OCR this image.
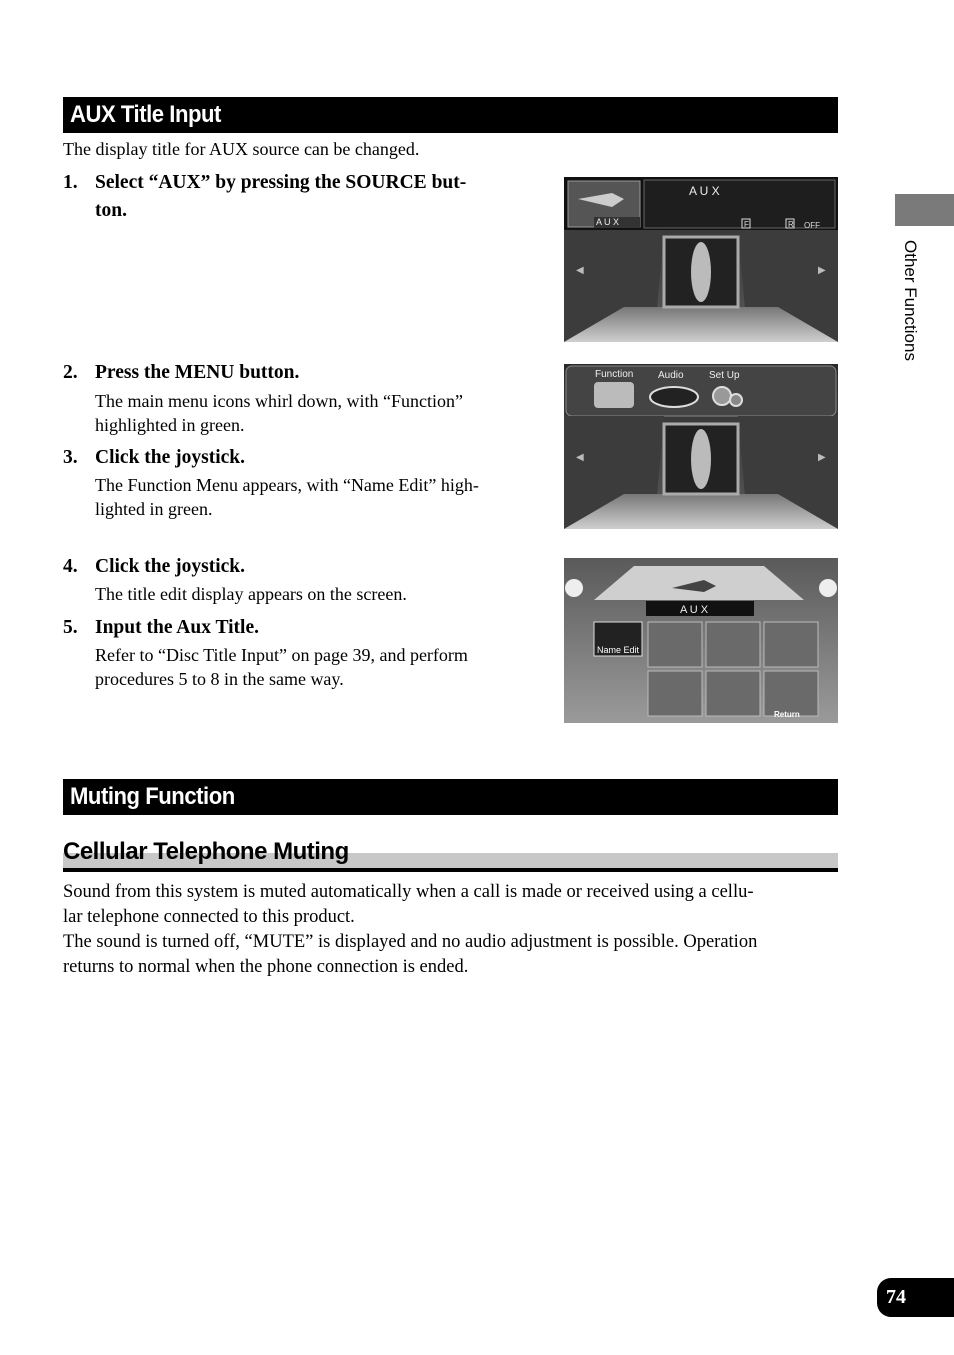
AUX Title Input
The display title for AUX source can be changed.
1. Select “AUX” by pressing the SOURCE but-
ton.
2. Press the MENU button.
The main menu icons whirl down, with “Function”
highlighted in green.
3. Click the joystick.
The Function Menu appears, with “Name Edit” high-
lighted in green.
4. Click the joystick.
The title edit display appears on the screen.
5. Input the Aux Title.
Refer to “Disc Title Input” on page 39, and perform
procedures 5 to 8 in the same way.
A U X
A U X
F	R OFF
◀	▶
Function Audio	Set Up
◀	▶
A U X
Name Edit
Return
Muting Function
Cellular Telephone Muting
Sound from this system is muted automatically when a call is made or received using a cellu-
lar telephone connected to this product.
The sound is turned off, “MUTE” is displayed and no audio adjustment is possible. Operation
returns to normal when the phone connection is ended.
Other Functions
74
